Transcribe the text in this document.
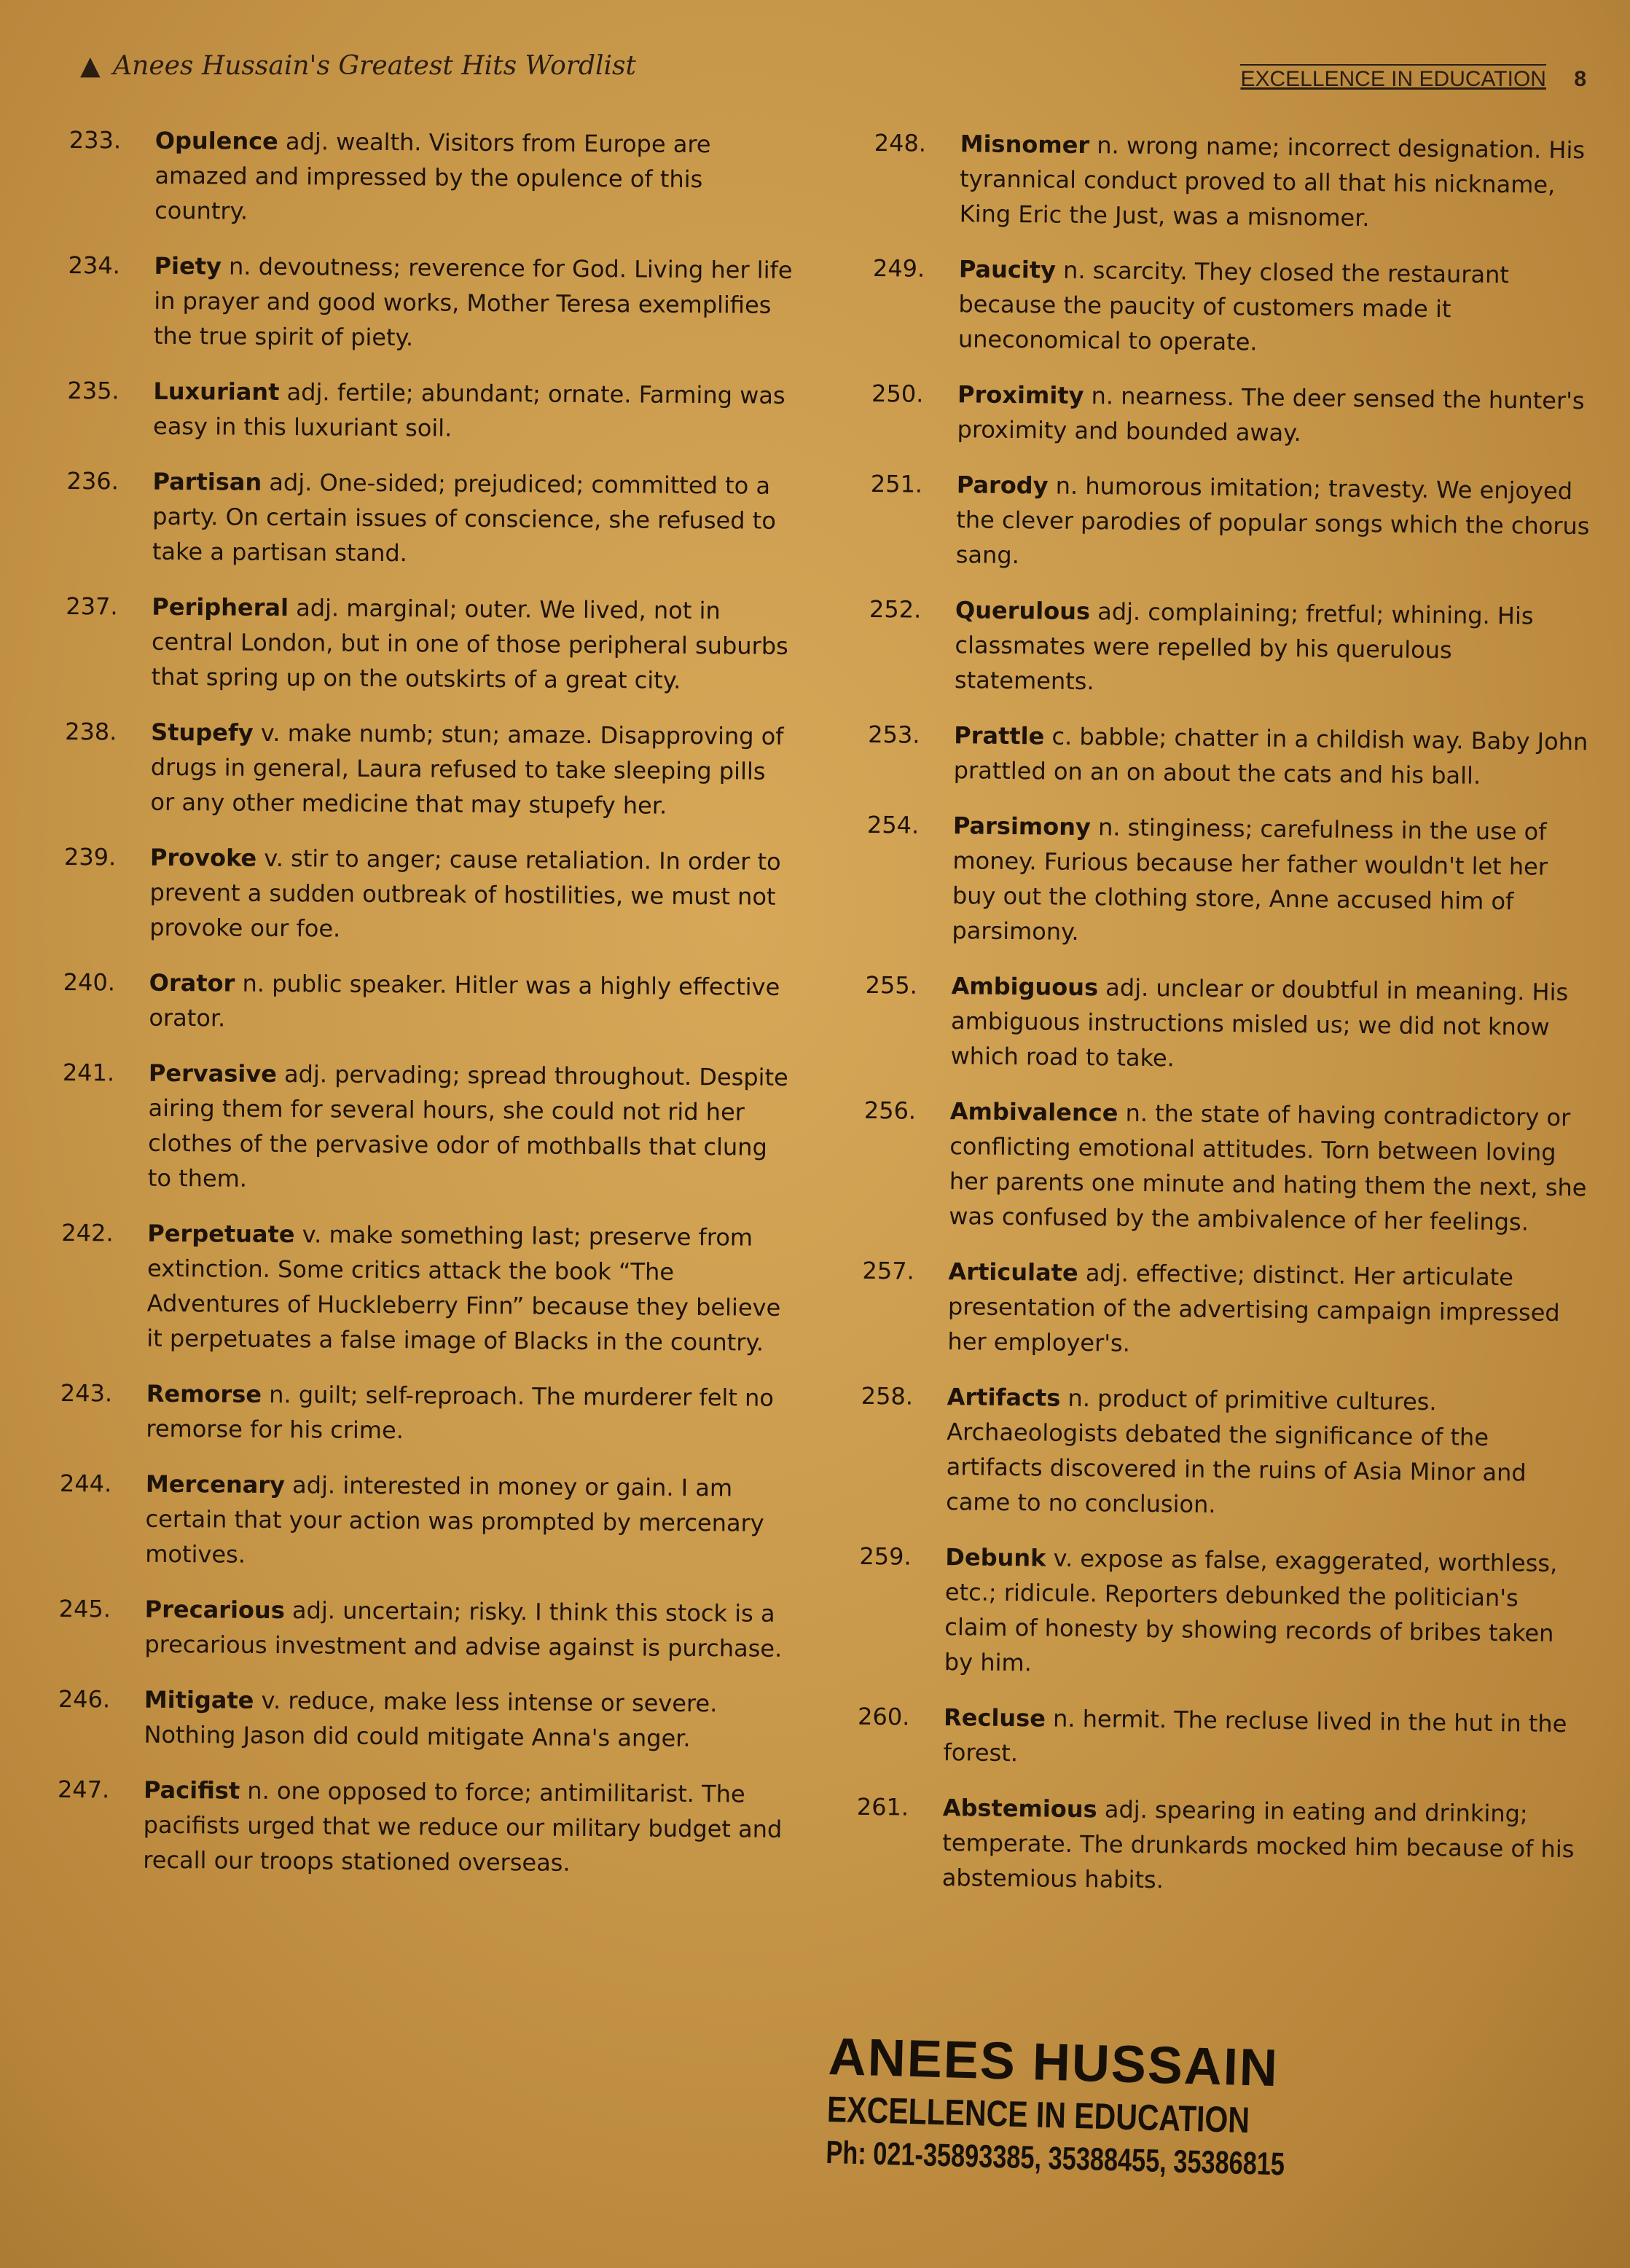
▲ Anees Hussain's Greatest Hits Wordlist	EXCELLENCE IN EDUCATION 8
233. Opulence adj. wealth. Visitors from Europe are amazed and impressed by the opulence of this country.
234. Piety n. devoutness; reverence for God. Living her life in prayer and good works, Mother Teresa exemplifies the true spirit of piety.
235. Luxuriant adj. fertile; abundant; ornate. Farming was easy in this luxuriant soil.
236. Partisan adj. One-sided; prejudiced; committed to a party. On certain issues of conscience, she refused to take a partisan stand.
237. Peripheral adj. marginal; outer. We lived, not in central London, but in one of those peripheral suburbs that spring up on the outskirts of a great city.
238. Stupefy v. make numb; stun; amaze. Disapproving of drugs in general, Laura refused to take sleeping pills or any other medicine that may stupefy her.
239. Provoke v. stir to anger; cause retaliation. In order to prevent a sudden outbreak of hostilities, we must not provoke our foe.
240. Orator n. public speaker. Hitler was a highly effective orator.
241. Pervasive adj. pervading; spread throughout. Despite airing them for several hours, she could not rid her clothes of the pervasive odor of mothballs that clung to them.
242. Perpetuate v. make something last; preserve from extinction. Some critics attack the book “The Adventures of Huckleberry Finn” because they believe it perpetuates a false image of Blacks in the country.
243. Remorse n. guilt; self-reproach. The murderer felt no remorse for his crime.
244. Mercenary adj. interested in money or gain. I am certain that your action was prompted by mercenary motives.
245. Precarious adj. uncertain; risky. I think this stock is a precarious investment and advise against is purchase.
246. Mitigate v. reduce, make less intense or severe. Nothing Jason did could mitigate Anna's anger.
247. Pacifist n. one opposed to force; antimilitarist. The pacifists urged that we reduce our military budget and recall our troops stationed overseas.
248. Misnomer n. wrong name; incorrect designation. His tyrannical conduct proved to all that his nickname, King Eric the Just, was a misnomer.
249. Paucity n. scarcity. They closed the restaurant because the paucity of customers made it uneconomical to operate.
250. Proximity n. nearness. The deer sensed the hunter's proximity and bounded away.
251. Parody n. humorous imitation; travesty. We enjoyed the clever parodies of popular songs which the chorus sang.
252. Querulous adj. complaining; fretful; whining. His classmates were repelled by his querulous statements.
253. Prattle c. babble; chatter in a childish way. Baby John prattled on an on about the cats and his ball.
254. Parsimony n. stinginess; carefulness in the use of money. Furious because her father wouldn't let her buy out the clothing store, Anne accused him of parsimony.
255. Ambiguous adj. unclear or doubtful in meaning. His ambiguous instructions misled us; we did not know which road to take.
256. Ambivalence n. the state of having contradictory or conflicting emotional attitudes. Torn between loving her parents one minute and hating them the next, she was confused by the ambivalence of her feelings.
257. Articulate adj. effective; distinct. Her articulate presentation of the advertising campaign impressed her employer's.
258. Artifacts n. product of primitive cultures. Archaeologists debated the significance of the artifacts discovered in the ruins of Asia Minor and came to no conclusion.
259. Debunk v. expose as false, exaggerated, worthless, etc.; ridicule. Reporters debunked the politician's claim of honesty by showing records of bribes taken by him.
260. Recluse n. hermit. The recluse lived in the hut in the forest.
261. Abstemious adj. spearing in eating and drinking; temperate. The drunkards mocked him because of his abstemious habits.
ANEES HUSSAIN
EXCELLENCE IN EDUCATION
Ph: 021-35893385, 35388455, 35386815
